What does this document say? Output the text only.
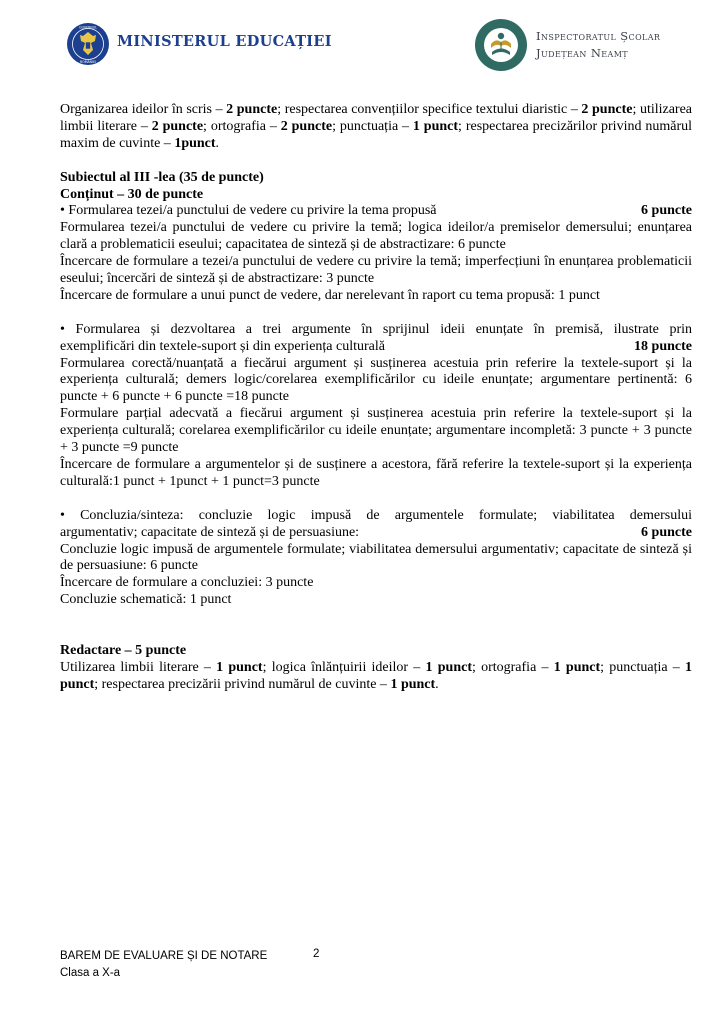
GUVERNUL
ROMÂNIEI
MINISTERUL EDUCAȚIEI	Inspectoratul Școlar
Județean Neamț

Organizarea ideilor în scris – 2 puncte; respectarea convențiilor specifice textului diaristic – 2 puncte; utilizarea limbii literare – 2 puncte; ortografia – 2 puncte; punctuația – 1 punct; respectarea precizărilor privind numărul maxim de cuvinte – 1punct.

Subiectul al III -lea (35 de puncte)

Conținut – 30 de puncte

• Formularea tezei/a punctului de vedere cu privire la tema propusă	6 puncte

Formularea tezei/a punctului de vedere cu privire la temă; logica ideilor/a premiselor demersului; enunțarea clară a problematicii eseului; capacitatea de sinteză și de abstractizare: 6 puncte

Încercare de formulare a tezei/a punctului de vedere cu privire la temă; imperfecțiuni în enunțarea problematicii eseului; încercări de sinteză și de abstractizare: 3 puncte

Încercare de formulare a unui punct de vedere, dar nerelevant în raport cu tema propusă: 1 punct

• Formularea și dezvoltarea a trei argumente în sprijinul ideii enunțate în premisă, ilustrate prin

exemplificări din textele-suport și din experiența culturală	18 puncte

Formularea corectă/nuanțată a fiecărui argument și susținerea acestuia prin referire la textele-suport și la experiența culturală; demers logic/corelarea exemplificărilor cu ideile enunțate; argumentare pertinentă: 6 puncte + 6 puncte + 6 puncte =18 puncte

Formulare parțial adecvată a fiecărui argument și susținerea acestuia prin referire la textele-suport și la experiența culturală; corelarea exemplificărilor cu ideile enunțate; argumentare incompletă: 3 puncte + 3 puncte + 3 puncte =9 puncte

Încercare de formulare a argumentelor și de susținere a acestora, fără referire la textele-suport și la experiența culturală:1 punct + 1punct + 1 punct=3 puncte

• Concluzia/sinteza: concluzie logic impusă de argumentele formulate; viabilitatea demersului

argumentativ; capacitate de sinteză și de persuasiune:	6 puncte

Concluzie logic impusă de argumentele formulate; viabilitatea demersului argumentativ; capacitate de sinteză și de persuasiune: 6 puncte

Încercare de formulare a concluziei: 3 puncte

Concluzie schematică: 1 punct

Redactare – 5 puncte

Utilizarea limbii literare – 1 punct; logica înlănțuirii ideilor – 1 punct; ortografia – 1 punct; punctuația – 1 punct; respectarea precizării privind numărul de cuvinte – 1 punct.

BAREM DE EVALUARE ȘI DE NOTARE
Clasa a X-a
2
